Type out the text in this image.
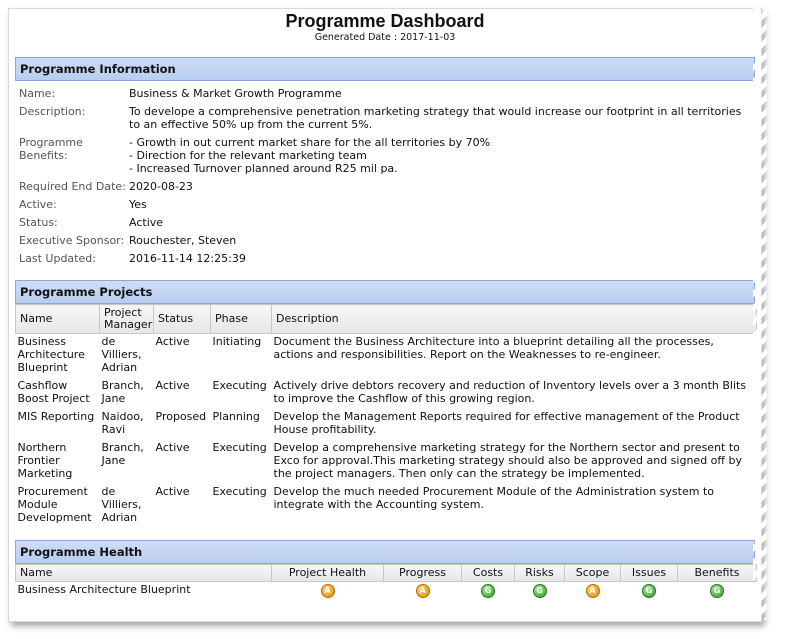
Programme Dashboard
Generated Date : 2017-11-03
Programme Information
Name:	Business & Market Growth Programme
Description:	To develope a comprehensive penetration marketing strategy that would increase our footprint in all territories to an effective 50% up from the current 5%.
Programme Benefits:
- Growth in out current market share for the all territories by 70%
- Direction for the relevant marketing team
- Increased Turnover planned around R25 mil pa.
Required End Date: 2020-08-23
Active:	Yes
Status:	Active
Executive Sponsor: Rouchester, Steven
Last Updated:	2016-11-14 12:25:39
Programme Projects
Name	Project Manager	Status	Phase	Description
Business Architecture Blueprint	de Villiers, Adrian	Active	Initiating	Document the Business Architecture into a blueprint detailing all the processes, actions and responsibilities. Report on the Weaknesses to re-engineer.
Cashflow Boost Project	Branch, Jane	Active	Executing	Actively drive debtors recovery and reduction of Inventory levels over a 3 month Blits to improve the Cashflow of this growing region.
MIS Reporting	Naidoo, Ravi	Proposed	Planning	Develop the Management Reports required for effective management of the Product House profitability.
Northern Frontier Marketing	Branch, Jane	Active	Executing	Develop a comprehensive marketing strategy for the Northern sector and present to Exco for approval.This marketing strategy should also be approved and signed off by the project managers. Then only can the strategy be implemented.
Procurement Module Development	de Villiers, Adrian	Active	Executing	Develop the much needed Procurement Module of the Administration system to integrate with the Accounting system.
Programme Health
Name	Project Health	Progress	Costs	Risks	Scope	Issues	Benefits
Business Architecture Blueprint	A	A	G	G	A	G	G
